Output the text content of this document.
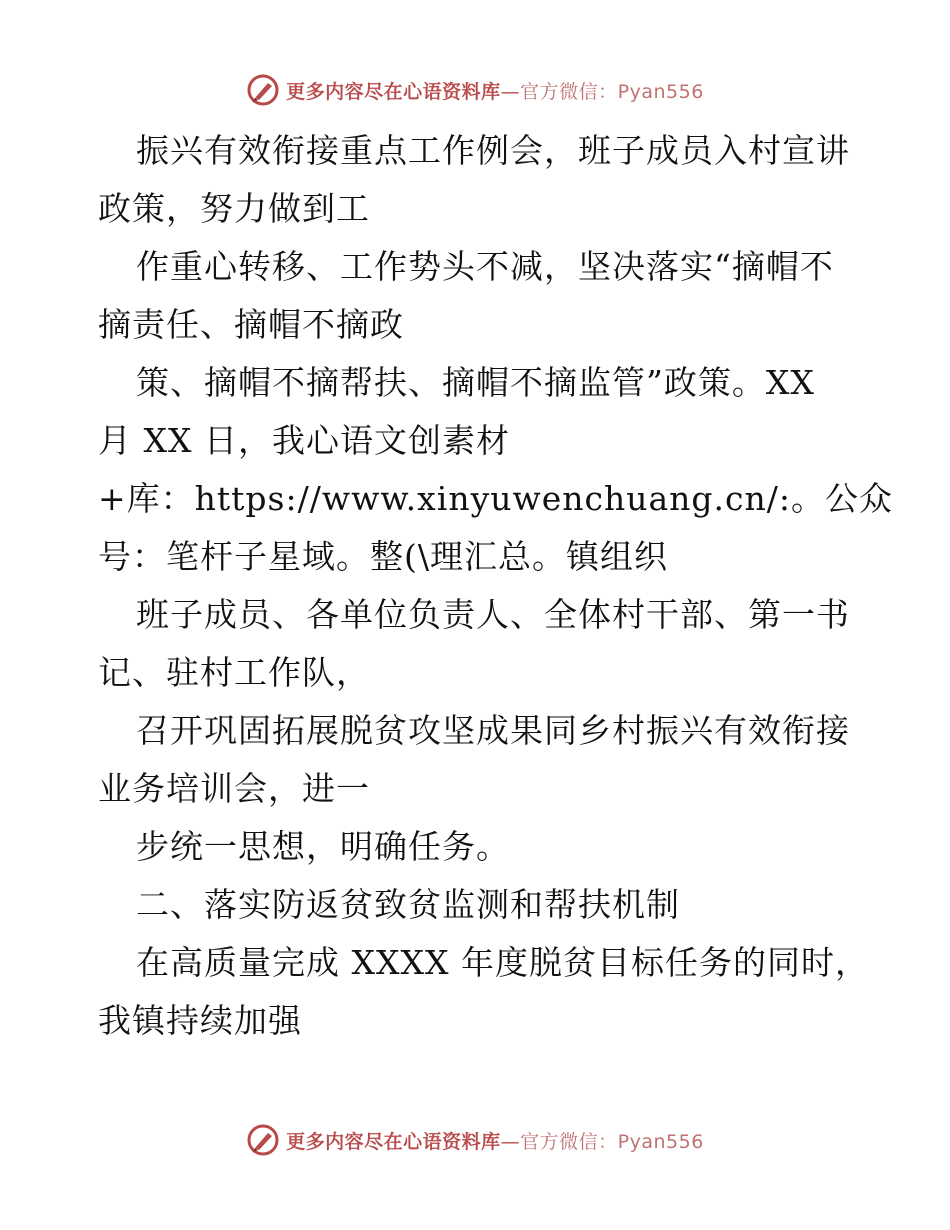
更多内容尽在心语资料库—官方微信：Pyan556
振兴有效衔接重点工作例会，班子成员入村宣讲
政策，努力做到工
作重心转移、工作势头不减，坚决落实“摘帽不
摘责任、摘帽不摘政
策、摘帽不摘帮扶、摘帽不摘监管”政策。XX
月 XX 日，我心语文创素材
+库：https://www.xinyuwenchuang.cn/:。公众
号：笔杆子星域。整(\理汇总。镇组织
班子成员、各单位负责人、全体村干部、第一书
记、驻村工作队，
召开巩固拓展脱贫攻坚成果同乡村振兴有效衔接
业务培训会，进一
步统一思想，明确任务。
二、落实防返贫致贫监测和帮扶机制
在高质量完成 XXXX 年度脱贫目标任务的同时，
我镇持续加强
更多内容尽在心语资料库—官方微信：Pyan556
